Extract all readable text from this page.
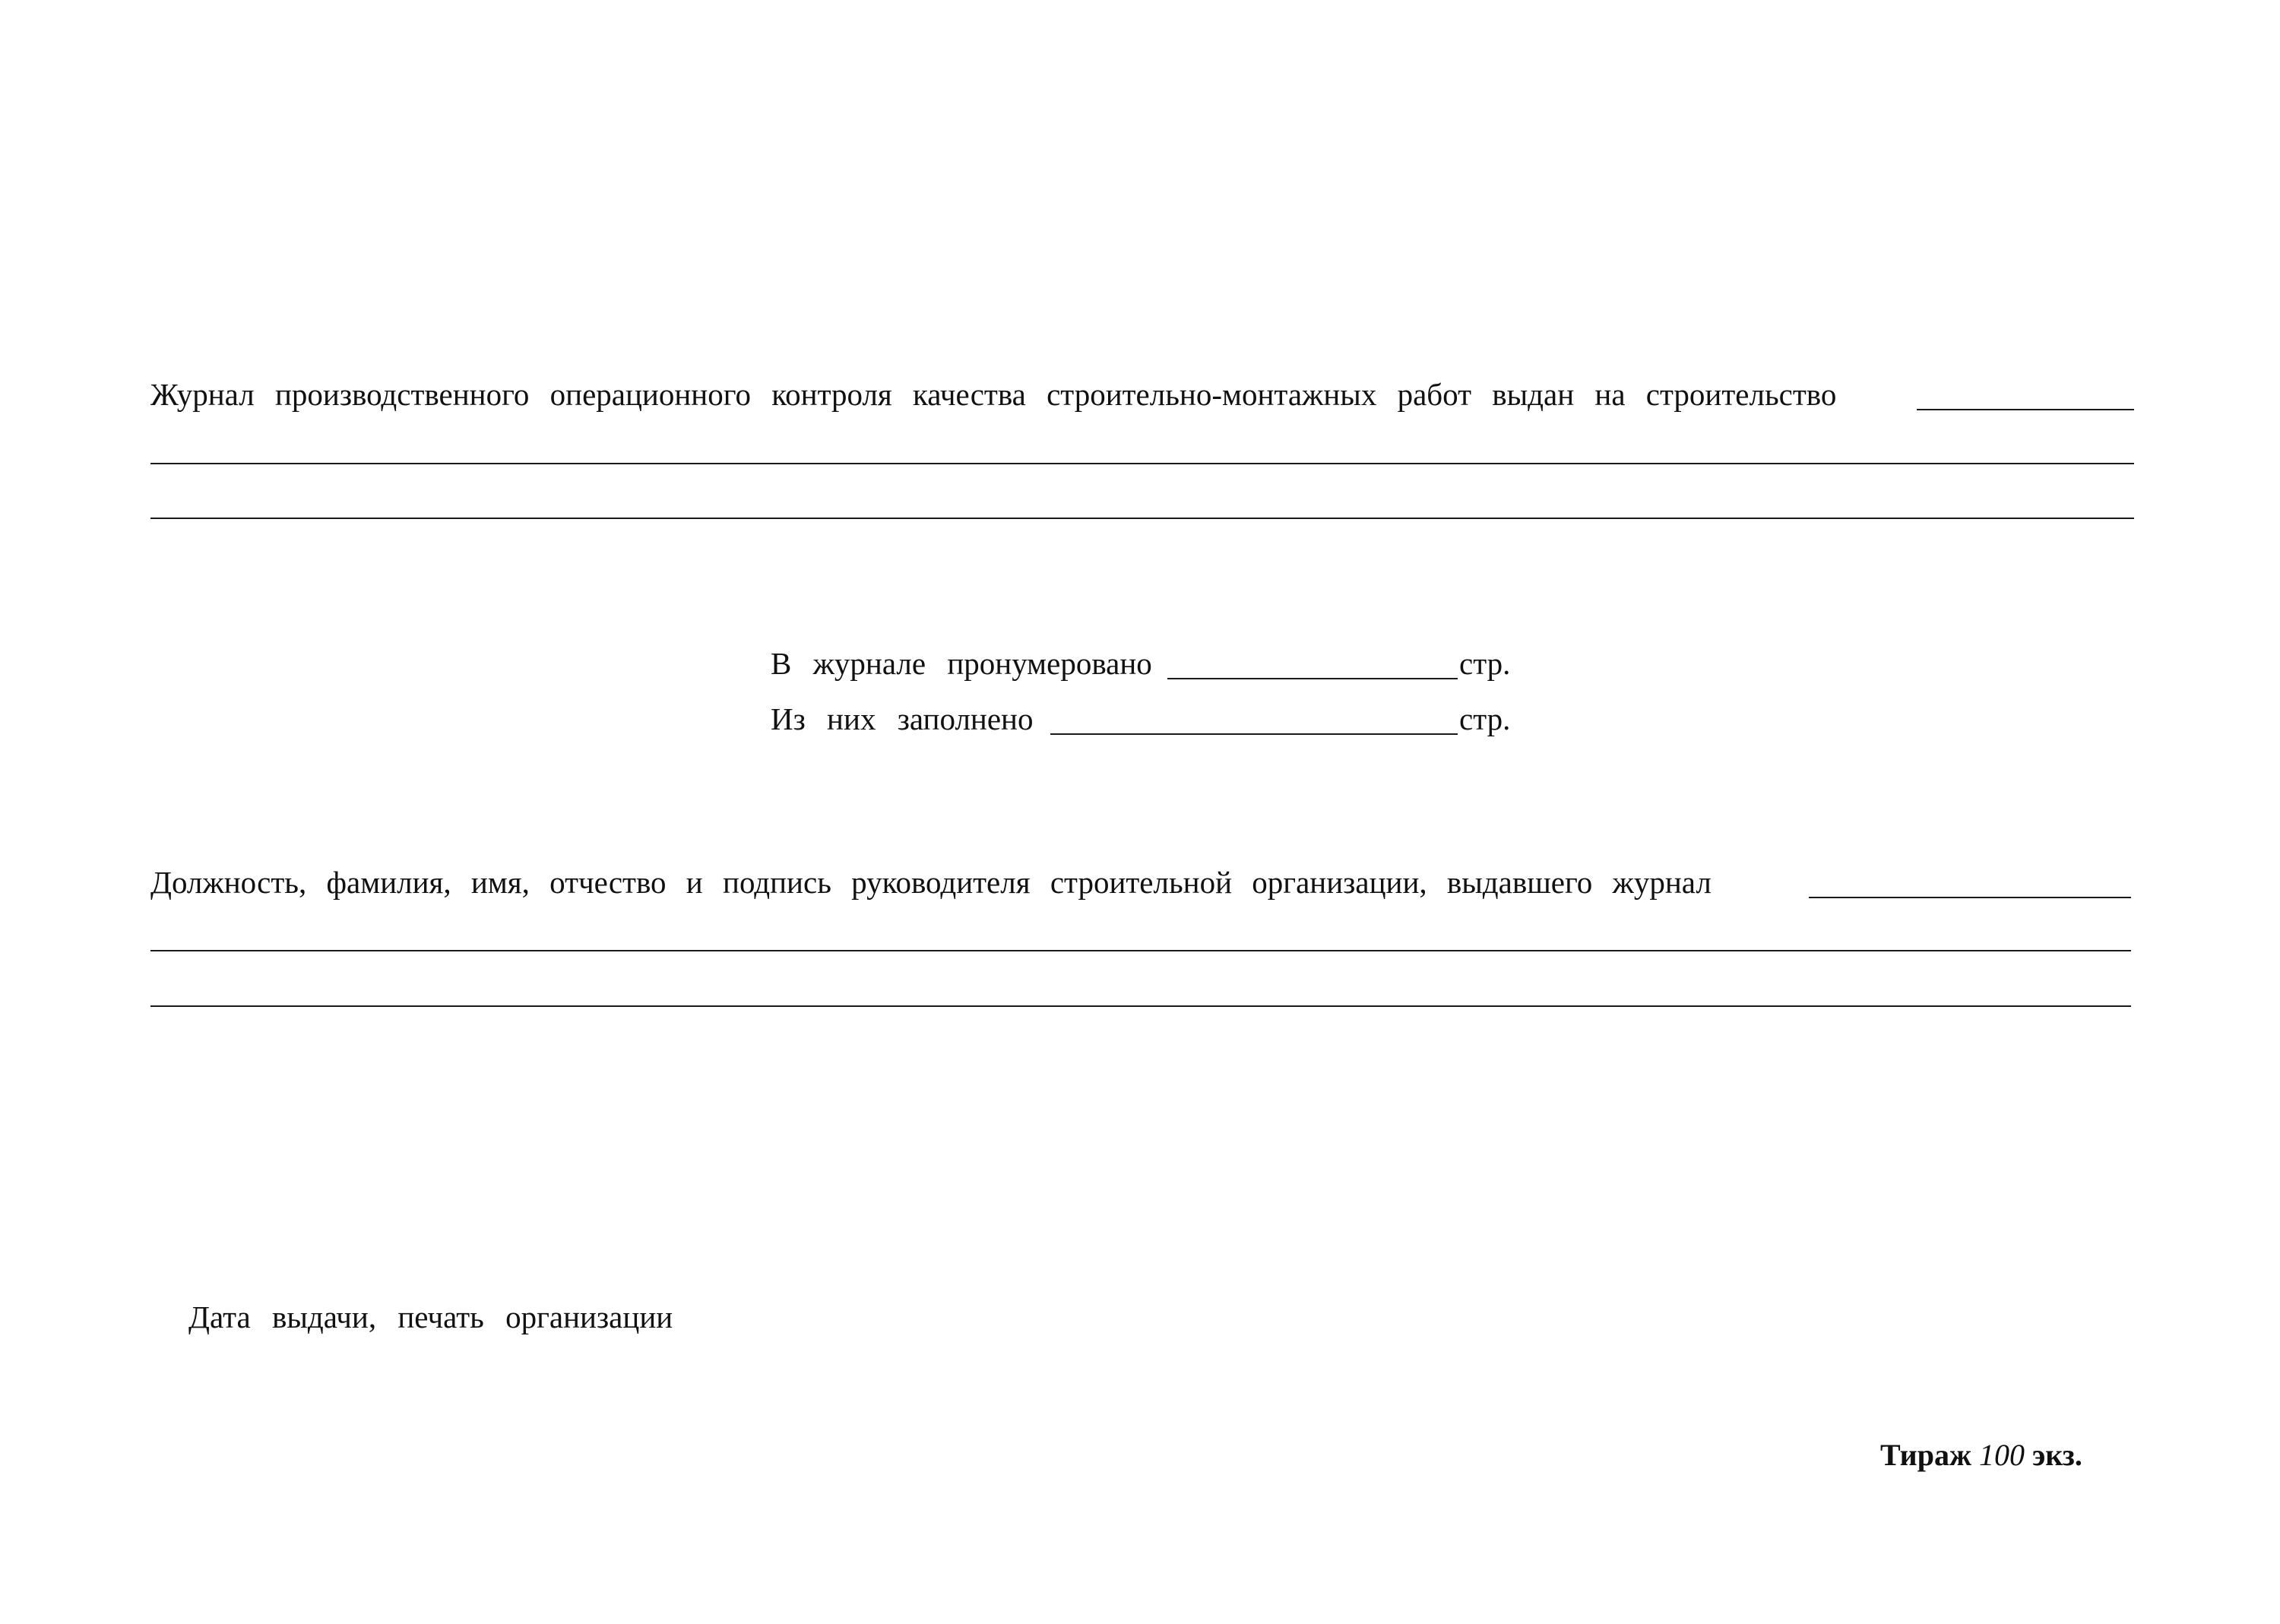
Журнал производственного операционного контроля качества строительно-монтажных работ выдан на строительство
В журнале пронумеровано	стр.
Из них заполнено	стр.
Должность, фамилия, имя, отчество и подпись руководителя строительной организации, выдавшего журнал
Дата выдачи, печать организации
Тираж 100 экз.
